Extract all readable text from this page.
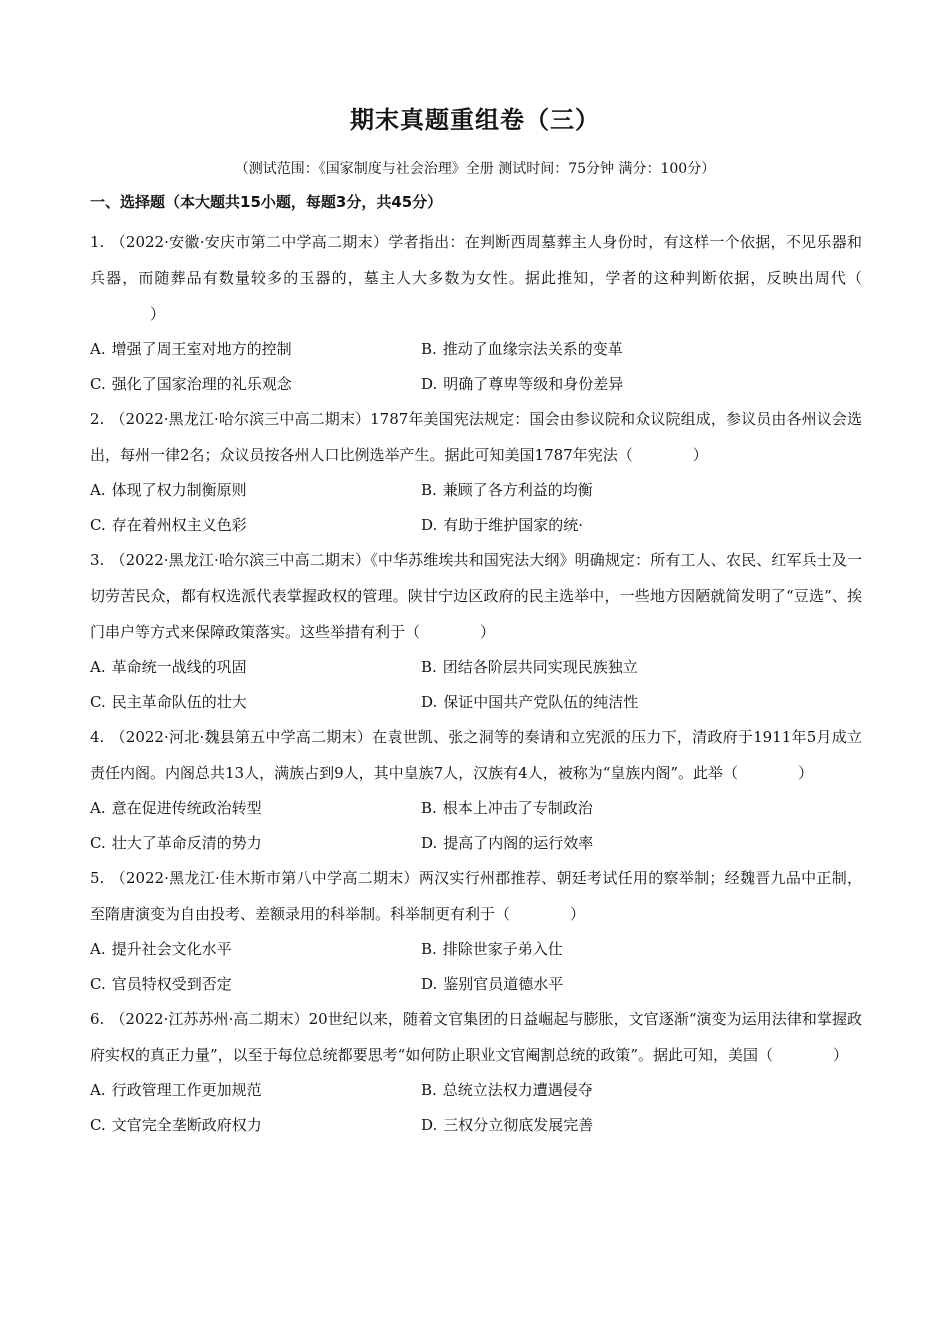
期末真题重组卷（三）
（测试范围：《国家制度与社会治理》全册 测试时间：75分钟 满分：100分）
一、选择题（本大题共15小题，每题3分，共45分）
1. （2022·安徽·安庆市第二中学高二期末）学者指出：在判断西周墓葬主人身份时，有这样一个依据，不见乐器和兵器，而随葬品有数量较多的玉器的，墓主人大多数为女性。据此推知，学者的这种判断依据，反映出周代（）
A. 增强了周王室对地方的控制	B. 推动了血缘宗法关系的变革
C. 强化了国家治理的礼乐观念	D. 明确了尊卑等级和身份差异
2. （2022·黑龙江·哈尔滨三中高二期末）1787年美国宪法规定：国会由参议院和众议院组成，参议员由各州议会选出，每州一律2名；众议员按各州人口比例选举产生。据此可知美国1787年宪法（	）
A. 体现了权力制衡原则	B. 兼顾了各方利益的均衡
C. 存在着州权主义色彩	D. 有助于维护国家的统·
3. （2022·黑龙江·哈尔滨三中高二期末）《中华苏维埃共和国宪法大纲》明确规定：所有工人、农民、红军兵士及一切劳苦民众，都有权选派代表掌握政权的管理。陕甘宁边区政府的民主选举中，一些地方因陋就简发明了“豆选”、挨门串户等方式来保障政策落实。这些举措有利于（	）
A. 革命统一战线的巩固	B. 团结各阶层共同实现民族独立
C. 民主革命队伍的壮大	D. 保证中国共产党队伍的纯洁性
4. （2022·河北·魏县第五中学高二期末）在袁世凯、张之洞等的奏请和立宪派的压力下，清政府于1911年5月成立责任内阁。内阁总共13人，满族占到9人，其中皇族7人，汉族有4人，被称为“皇族内阁”。此举（	）
A. 意在促进传统政治转型	B. 根本上冲击了专制政治
C. 壮大了革命反清的势力	D. 提高了内阁的运行效率
5. （2022·黑龙江·佳木斯市第八中学高二期末）两汉实行州郡推荐、朝廷考试任用的察举制；经魏晋九品中正制，至隋唐演变为自由投考、差额录用的科举制。科举制更有利于（	）
A. 提升社会文化水平	B. 排除世家子弟入仕
C. 官员特权受到否定	D. 鉴别官员道德水平
6. （2022·江苏苏州·高二期末）20世纪以来，随着文官集团的日益崛起与膨胀，文官逐渐“演变为运用法律和掌握政府实权的真正力量”，以至于每位总统都要思考“如何防止职业文官阉割总统的政策”。据此可知，美国（	）
A. 行政管理工作更加规范	B. 总统立法权力遭遇侵夺
C. 文官完全垄断政府权力	D. 三权分立彻底发展完善
